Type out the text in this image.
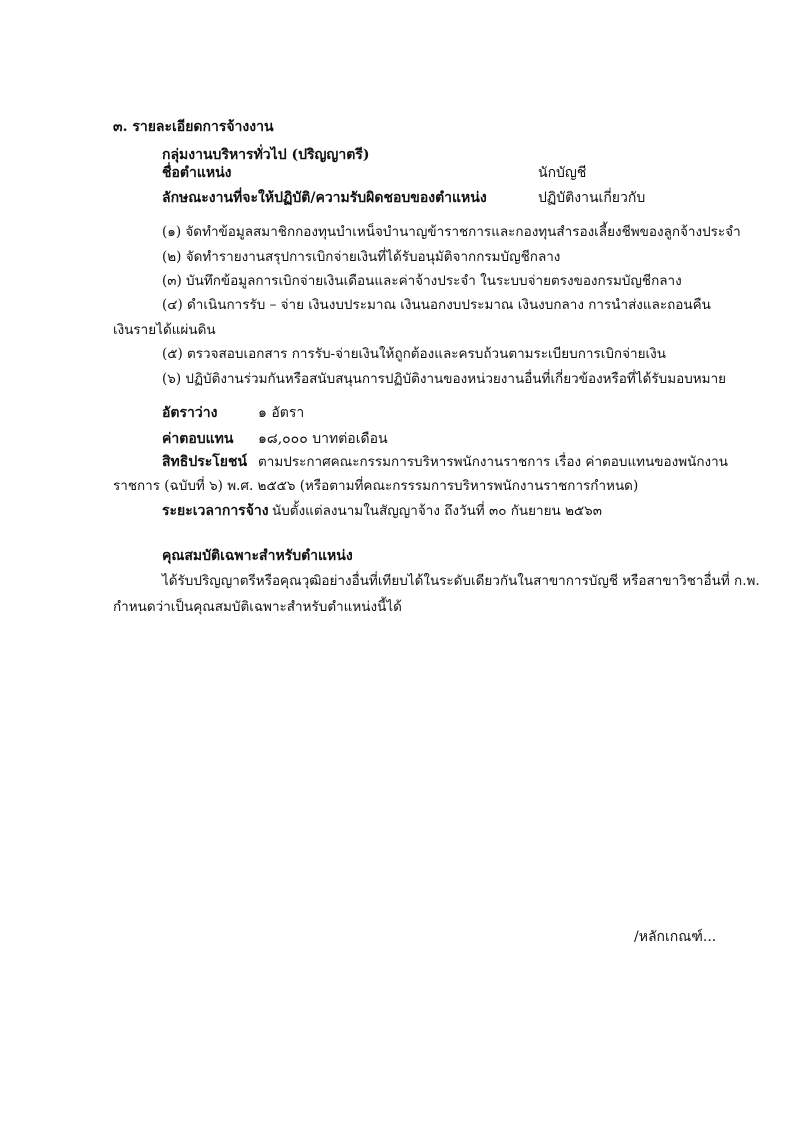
๓. รายละเอียดการจ้างงาน
กลุ่มงานบริหารทั่วไป (ปริญญาตรี)
ชื่อตำแหน่ง	นักบัญชี
ลักษณะงานที่จะให้ปฏิบัติ/ความรับผิดชอบของตำแหน่ง	ปฏิบัติงานเกี่ยวกับ
(๑) จัดทำข้อมูลสมาชิกกองทุนบำเหน็จบำนาญข้าราชการและกองทุนสำรองเลี้ยงชีพของลูกจ้างประจำ
(๒) จัดทำรายงานสรุปการเบิกจ่ายเงินที่ได้รับอนุมัติจากกรมบัญชีกลาง
(๓) บันทึกข้อมูลการเบิกจ่ายเงินเดือนและค่าจ้างประจำ ในระบบจ่ายตรงของกรมบัญชีกลาง
(๔) ดำเนินการรับ – จ่าย เงินงบประมาณ เงินนอกงบประมาณ เงินงบกลาง การนำส่งและถอนคืน
เงินรายได้แผ่นดิน
(๕) ตรวจสอบเอกสาร การรับ-จ่ายเงินให้ถูกต้องและครบถ้วนตามระเบียบการเบิกจ่ายเงิน
(๖) ปฏิบัติงานร่วมกันหรือสนับสนุนการปฏิบัติงานของหน่วยงานอื่นที่เกี่ยวข้องหรือที่ได้รับมอบหมาย
อัตราว่าง	๑ อัตรา
ค่าตอบแทน ๑๘,๐๐๐ บาทต่อเดือน
สิทธิประโยชน์ ตามประกาศคณะกรรมการบริหารพนักงานราชการ เรื่อง ค่าตอบแทนของพนักงาน
ราชการ (ฉบับที่ ๖) พ.ศ. ๒๕๕๖ (หรือตามที่คณะกรรรมการบริหารพนักงานราชการกำหนด)
ระยะเวลาการจ้าง นับตั้งแต่ลงนามในสัญญาจ้าง ถึงวันที่ ๓๐ กันยายน ๒๕๖๓
คุณสมบัติเฉพาะสำหรับตำแหน่ง
ได้รับปริญญาตรีหรือคุณวุฒิอย่างอื่นที่เทียบได้ในระดับเดียวกันในสาขาการบัญชี หรือสาขาวิชาอื่นที่ ก.พ.
กำหนดว่าเป็นคุณสมบัติเฉพาะสำหรับตำแหน่งนี้ได้
/หลักเกณฑ์...
